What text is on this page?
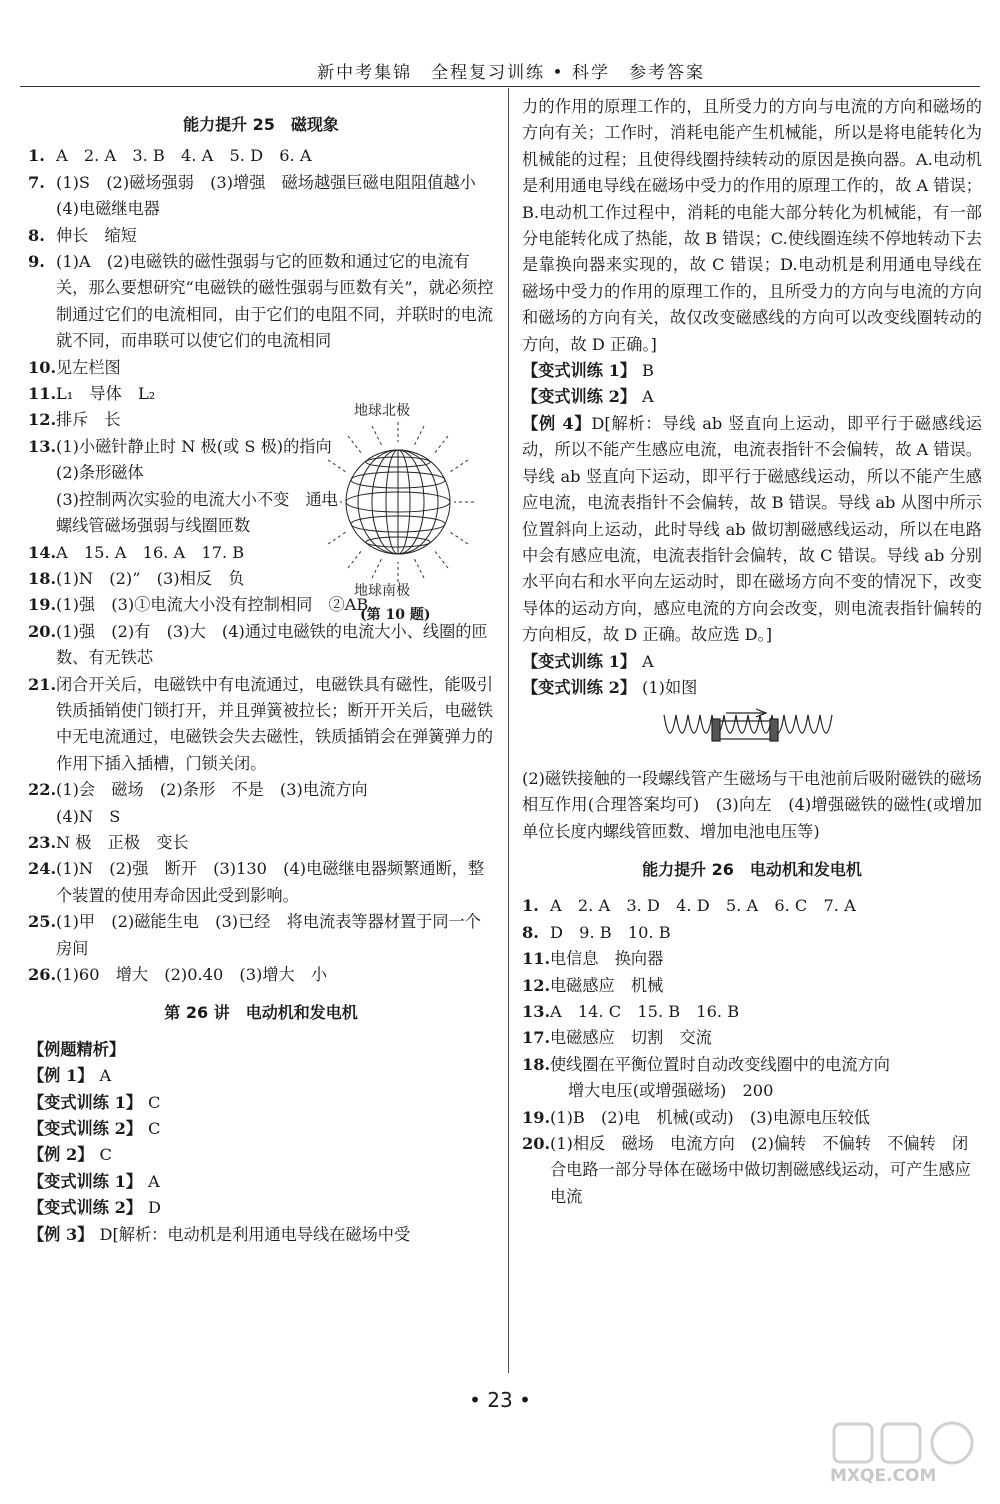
新中考集锦　全程复习训练 • 科学　参考答案
能力提升 25　磁现象
1. A　2. A　3. B　4. A　5. D　6. A
7. (1)S　(2)磁场强弱　(3)增强　磁场越强巨磁电阻阻值越小　(4)电磁继电器
8. 伸长　缩短
9. (1)A　(2)电磁铁的磁性强弱与它的匝数和通过它的电流有关，那么要想研究“电磁铁的磁性强弱与匝数有关”，就必须控制通过它们的电流相同，由于它们的电阻不同，并联时的电流就不同，而串联可以使它们的电流相同
10. 见左栏图
11. L₁　导体　L₂
12. 排斥　长
13. (1)小磁针静止时 N 极(或 S 极)的指向　(2)条形磁体
(3)控制两次实验的电流大小不变　通电螺线管磁场强弱与线圈匝数
14. A　15. A　16. A　17. B
18. (1)N　(2)”　(3)相反　负
19. (1)强　(3)①电流大小没有控制相同　②AB
20. (1)强　(2)有　(3)大　(4)通过电磁铁的电流大小、线圈的匝数、有无铁芯
21. 闭合开关后，电磁铁中有电流通过，电磁铁具有磁性，能吸引铁质插销使门锁打开，并且弹簧被拉长；断开开关后，电磁铁中无电流通过，电磁铁会失去磁性，铁质插销会在弹簧弹力的作用下插入插槽，门锁关闭。
22. (1)会　磁场　(2)条形　不是　(3)电流方向
(4)N　S
23. N 极　正极　变长
24. (1)N　(2)强　断开　(3)130　(4)电磁继电器频繁通断，整个装置的使用寿命因此受到影响。
25. (1)甲　(2)磁能生电　(3)已经　将电流表等器材置于同一个房间
26. (1)60　增大　(2)0.40　(3)增大　小
第 26 讲　电动机和发电机
【例题精析】
【例 1】 A
【变式训练 1】 C
【变式训练 2】 C
【例 2】 C
【变式训练 1】 A
【变式训练 2】 D
【例 3】 D[解析：电动机是利用通电导线在磁场中受
地球北极
地球南极
(第 10 题)
力的作用的原理工作的，且所受力的方向与电流的方向和磁场的方向有关；工作时，消耗电能产生机械能，所以是将电能转化为机械能的过程；且使得线圈持续转动的原因是换向器。A.电动机是利用通电导线在磁场中受力的作用的原理工作的，故 A 错误；B.电动机工作过程中，消耗的电能大部分转化为机械能，有一部分电能转化成了热能，故 B 错误；C.使线圈连续不停地转动下去是靠换向器来实现的，故 C 错误；D.电动机是利用通电导线在磁场中受力的作用的原理工作的，且所受力的方向与电流的方向和磁场的方向有关，故仅改变磁感线的方向可以改变线圈转动的方向，故 D 正确。]
【变式训练 1】 B
【变式训练 2】 A
【例 4】D[解析：导线 ab 竖直向上运动，即平行于磁感线运动，所以不能产生感应电流，电流表指针不会偏转，故 A 错误。导线 ab 竖直向下运动，即平行于磁感线运动，所以不能产生感应电流，电流表指针不会偏转，故 B 错误。导线 ab 从图中所示位置斜向上运动，此时导线 ab 做切割磁感线运动，所以在电路中会有感应电流，电流表指针会偏转，故 C 错误。导线 ab 分别水平向右和水平向左运动时，即在磁场方向不变的情况下，改变导体的运动方向，感应电流的方向会改变，则电流表指针偏转的方向相反，故 D 正确。故应选 D。]
【变式训练 1】 A
【变式训练 2】 (1)如图
(2)磁铁接触的一段螺线管产生磁场与干电池前后吸附磁铁的磁场相互作用(合理答案均可)　(3)向左　(4)增强磁铁的磁性(或增加单位长度内螺线管匝数、增加电池电压等)
能力提升 26　电动机和发电机
1. A　2. A　3. D　4. D　5. A　6. C　7. A
8. D　9. B　10. B
11. 电信息　换向器
12. 电磁感应　机械
13. A　14. C　15. B　16. B
17. 电磁感应　切割　交流
18. 使线圈在平衡位置时自动改变线圈中的电流方向
增大电压(或增强磁场)　200
19. (1)B　(2)电　机械(或动)　(3)电源电压较低
20. (1)相反　磁场　电流方向　(2)偏转　不偏转　不偏转　闭合电路一部分导体在磁场中做切割磁感线运动，可产生感应电流
• 23 •
MXQE.COM
